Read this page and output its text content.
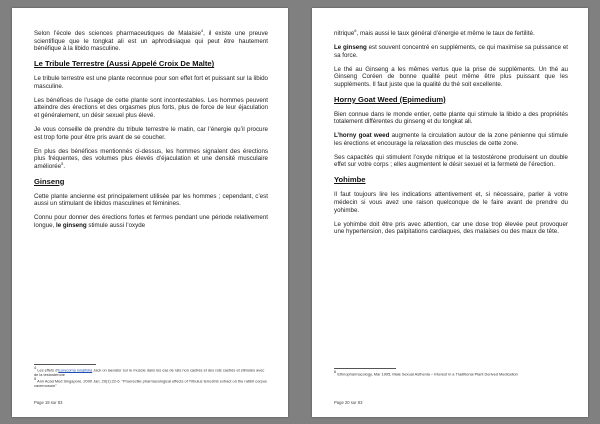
Selon l’école des sciences pharmaceutiques de Malaisie$^4$, il existe une preuve scientifique que le tongkat ali est un aphrodisiaque qui peut être hautement bénéfique à la libido masculine.

Le Tribule Terrestre (Aussi Appelé Croix De Malte)

Le tribule terrestre est une plante reconnue pour son effet fort et puissant sur la libido masculine.

Les bénéfices de l’usage de cette plante sont incontestables. Les hommes peuvent atteindre des érections et des orgasmes plus forts, plus de force de leur éjaculation et généralement, un désir sexuel plus élevé.

Je vous conseille de prendre du tribule terrestre le matin, car l’énergie qu’il procure est trop forte pour être pris avant de se coucher.

En plus des bénéfices mentionnés ci-dessus, les hommes signalent des érections plus fréquentes, des volumes plus élevés d’éjaculation et une densité musculaire améliorée$^5$.

Ginseng

Cette plante ancienne est principalement utilisée par les hommes ; cependant, c’est aussi un stimulant de libidos masculines et féminines.

Connu pour donner des érections fortes et fermes pendant une période relativement longue, le ginseng stimule aussi l’oxyde

$^4$ Les effets d’Eurycoma longifolia Jack on laevator sur le muscle dans les cas de rats non castrés et des rats castrés et stimulés avec de la testostérone

$^5$ Ann Acad Med Singapore. 2000 Jan; 29(1):22-6. “Proerectile pharmacological effects of Tribulus terrestris extract on the rabbit corpus cavernosum”

Page 19 sur 83

nitrique$^6$, mais aussi le taux général d’énergie et même le taux de fertilité.

Le ginseng est souvent concentré en suppléments, ce qui maximise sa puissance et sa force.

Le thé au Ginseng a les mêmes vertus que la prise de suppléments. Un thé au Ginseng Coréen de bonne qualité peut même être plus puissant que les suppléments. Il faut juste que la qualité du thé soit excellente.

Horny Goat Weed (Epimedium)

Bien connue dans le monde entier, cette plante qui stimule la libido a des propriétés totalement différentes du ginseng et du tongkat ali.

L’horny goat weed augmente la circulation autour de la zone pénienne qui stimule les érections et encourage la relaxation des muscles de cette zone.

Ses capacités qui stimulent l’oxyde nitrique et la testostérone produisent un double effet sur votre corps ; elles augmentent le désir sexuel et la fermeté de l’érection.

Yohimbe

Il faut toujours lire les indications attentivement et, si nécessaire, parler à votre médecin si vous avez une raison quelconque de le faire avant de prendre du yohimbe.

Le yohimbe doit être pris avec attention, car une dose trop élevée peut provoquer une hypertension, des palpitations cardiaques, des malaises ou des maux de tête.

$^6$ Ethnopharmacology, Mar 1995, Male Sexual Asthenia – Interest in a Traditional Plant Derived Medication

Page 20 sur 83
